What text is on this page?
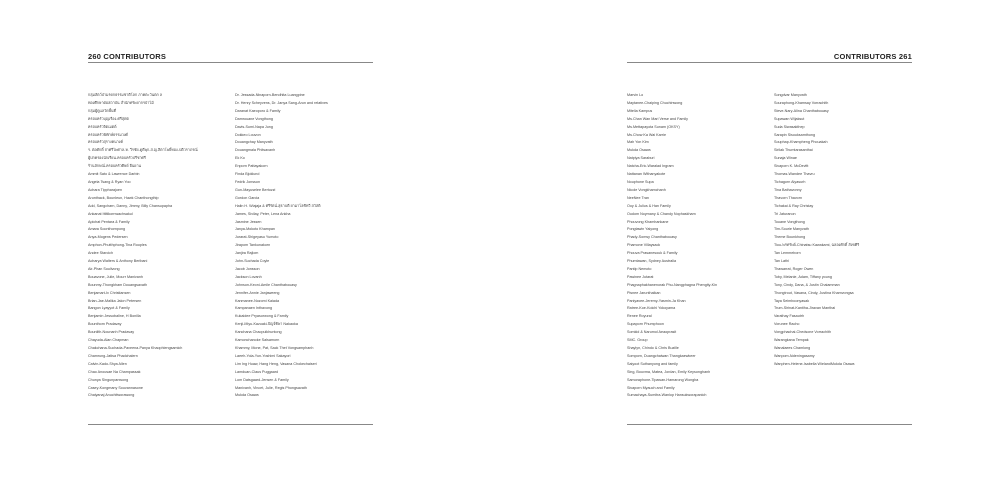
260 CONTRIBUTORS	CONTRIBUTORS 261
กลุ่มสัตว์ป่ามรดกธรรมชาติโลก ภาคตะวันตก ล
ทองศึกษาต่อสถาบัน สำนักทรัพยากรป่าไม้
กลุ่มผู้ดูแลวัดพื้นที่
ครอบครัวบุญเรือง-ศรีสุพัต
ครอบครัวจิตเมตต์
ครอบครัวพิทักษ์ธรรมวงศ์
ครอบครัวสุรางคนางค์
ร. ต่อศักดิ์ จ่าศรีไพศาล-ห. วีรชัย-ดูดีพุก-ส.ญ.สิตาโพธิ์ทอง-ปติวราภรณ์
ผู้ปกครองนักเรียน-ครอบครัวปรีชาศรี
ร้านลักษณ์-ครอบครัวศิษย์ ยืนยาน
Ammit Sato & Lawrence Darbin
Angela Tsang & Ryan Yoo
Achara Tippharajoen
Arunthack, Bounleun, Hawk Chanthongthip
Add, Sangcharn, Danny, Jimmy, Billy Chansupapha
Ankanat Ittitikornwachsakul
Apichat Pentara & Family
Amara Soonthornpong
Anya-Mogens Pedersen
Amphon-Phutthphong-Tina Rooples
Andee Starcich
Acharya Walters & Anthony Beribani
Air-Phan Soulivong
Bouavone, Julie, Mourr Manivanh
Bounmy-Thongkham Douangsavath
Benjamart-Ix Christiansen
Brian-Jae-Malika Jalon Petersen
Bangon Lyayyot & Family
Benjamin Jessobaline, H Bonilla
Bounthom Pradavay
Bounlith-Nounanh Pradavay
Chayuda-Alan Chapman
Chakchana-Suchada-Paveena-Panya Khaophiengsamich
Chamrung-Jatisa Phadchalern
Calvin-Kado-Shya Allen
Chao Anousae Na Champassak
Chunya Singunpanwong
Casey-Kongmany Souvannasone
Chaiyanaj Anuchitworawong
Dr. Jessada-Ninaporn-Bendhita Luangpine
Dr. Henry Scheyvens, Dr. Janya Sang-Arun and relatives
Daranat Kaeoporo & Family
Damrouane Vongthong
Davis-Sumi-Napa Jung
Dokkeo Louvon
Douangchay Manyvath
Douangmala Phitsavanh
Ek Ko
Enporn Pattayakorn
Finda Bjoklund
Fedrik Jonsson
Gun-Mayuselee Bertozzi
Gordon Garcia
Halin H. Wiajaja & ศรีรัตน์-สุธาบดี ยามาโฮชิทวี สวัสดิ
James, Sivilay, Peter, Lena Ankha
Jasmine Jessen
Janya-Mokoto Khampan
Jurarat-Shigeyasu Yumoto
Jirapom Tankunakorn
Janjira Rajlom
John-Suchada Coyle
Jacob Jonsson
Jackson Lovanh
Johnson-Keoni-Amile Chanthabouasy
Jennifer-Annie Janjaweeng
Kanmanee-Nozomi Kaiada
Kampanaen Inthavong
Kukaidee Pryasorwong & Family
Kenji-Miyu-Kazuaki-ปัญจ์ทิพา Nakaoka
Kanchana Chaopuikhuntong
Kamonchanoke Salsamorn
Khammy, Mone, Pat, Sack Thet Vongsamphanh
Laeeh-Yola-Yun-Yoshimi Sakayori
Lim Ing Huaw, Hang Heng, Vasana Chokechaiseri
Lamduan-Claus Puggaard
Lom Datsgaard-Jensen & Family
Manivanh, Vincet, Julie, Regis Phongsavath
Mukda Osawa
Marvin Lo
Maytanee-Chaiping Chuchinwong
Mitelia Kampus
Ms.Chan Wan Mari Verse and Family
Ms.Mettapayota Sunam (OKSY)
Ms.Chow Ka Wai Karrie
Mah Yon Kim
Mukda Osawa
Natpiya Saraburi
Natcha-Eric-Waralad Ingram
Nattanan Withanyakote
Nouphone Supa
Nicole Vongkhamchanh
NeeNee Tran
Ooy & Julius & Han Family
Oudom Noymany & Chandy Nophaskham
Phouvong Khamhankane
Pongtawin Yaiyong
Phady-Somsy Chanthabouasy
Phamone Villaysack
Phouva Prasanesouk & Family
Phumtawan, Sydney Australia
Pantip Nemoto
Pawinee Jutarat
Phagnaphakhanenorak Phu-Nangphagna Phengity-Kin
Pisnee Jarunthaikan
Paniyavee-Jeremy-Yasmin-Ja Khan
Ratree-Koe-Koichi Yokoyama
Renee Royural
Supaporn Phumphoon
Somkid & Narumol Aeaoprasit
SMC. Group
Shaylyn, Chindo & Chris Buzille
Somporn, Duangchaiwan Thangkaewkeer
Saiyoot Suthanyong and family
Sing, Bouvma, Matea, Jordan, Emily Keysonghanh
Samoraphone-Tipawan-Hamarong Wongba
Sivaporn Myauch and Family
Sumachaya-Sumitra-Wanlop Hansukworapanich
Songdvar Manyvath
Souraphong-Khamsay Vorrachith
Steve-Nary-Alina Chanthabouasy
Supawan Wijaksut
Suda Siwasakthep
Sarapin Sisouksamthong
Souphap-Khampheng Phouakah
Sirilak Thumtarasanthai
Sunaja Winae
Sivaporn K. McDevitt
Thomas-Wandee Thavru
Tichagorn Aiyasurh
Tina Bathavonny
Thavorn Thavorn
Tichakai & Ray Christay
Tri Jaturanon
Touane Vongthong
Tim-Sourie Manyvath
Theme Bounkhong
Tiou-พรทรัพย์-Chinatsu Kawakami, ฉลองศักดิ์ สังขศิริ
Tan Lemmeborn
Tan Lathi
Thawarrat, Roger Owen
Toby, Melanie, Adam, Tiffany young
Tony, Cindy, Dana, & Justin Chaiamman
Thongtrout, Vasana, Cindy, Justina Khamvongsa
Taya Seimboonyasak
Trum-Sirinat-Kantiha-Jiravan Manthai
Varathay Fasautrh
Vorunee Racho
Vongphachai-Chedsone Vorrachith
Warangkana Tempak
Wanalaees Chamlong
Wanpom Aideningasamy
Wanphen-Helene-Isabella WielandMukda Osawa
